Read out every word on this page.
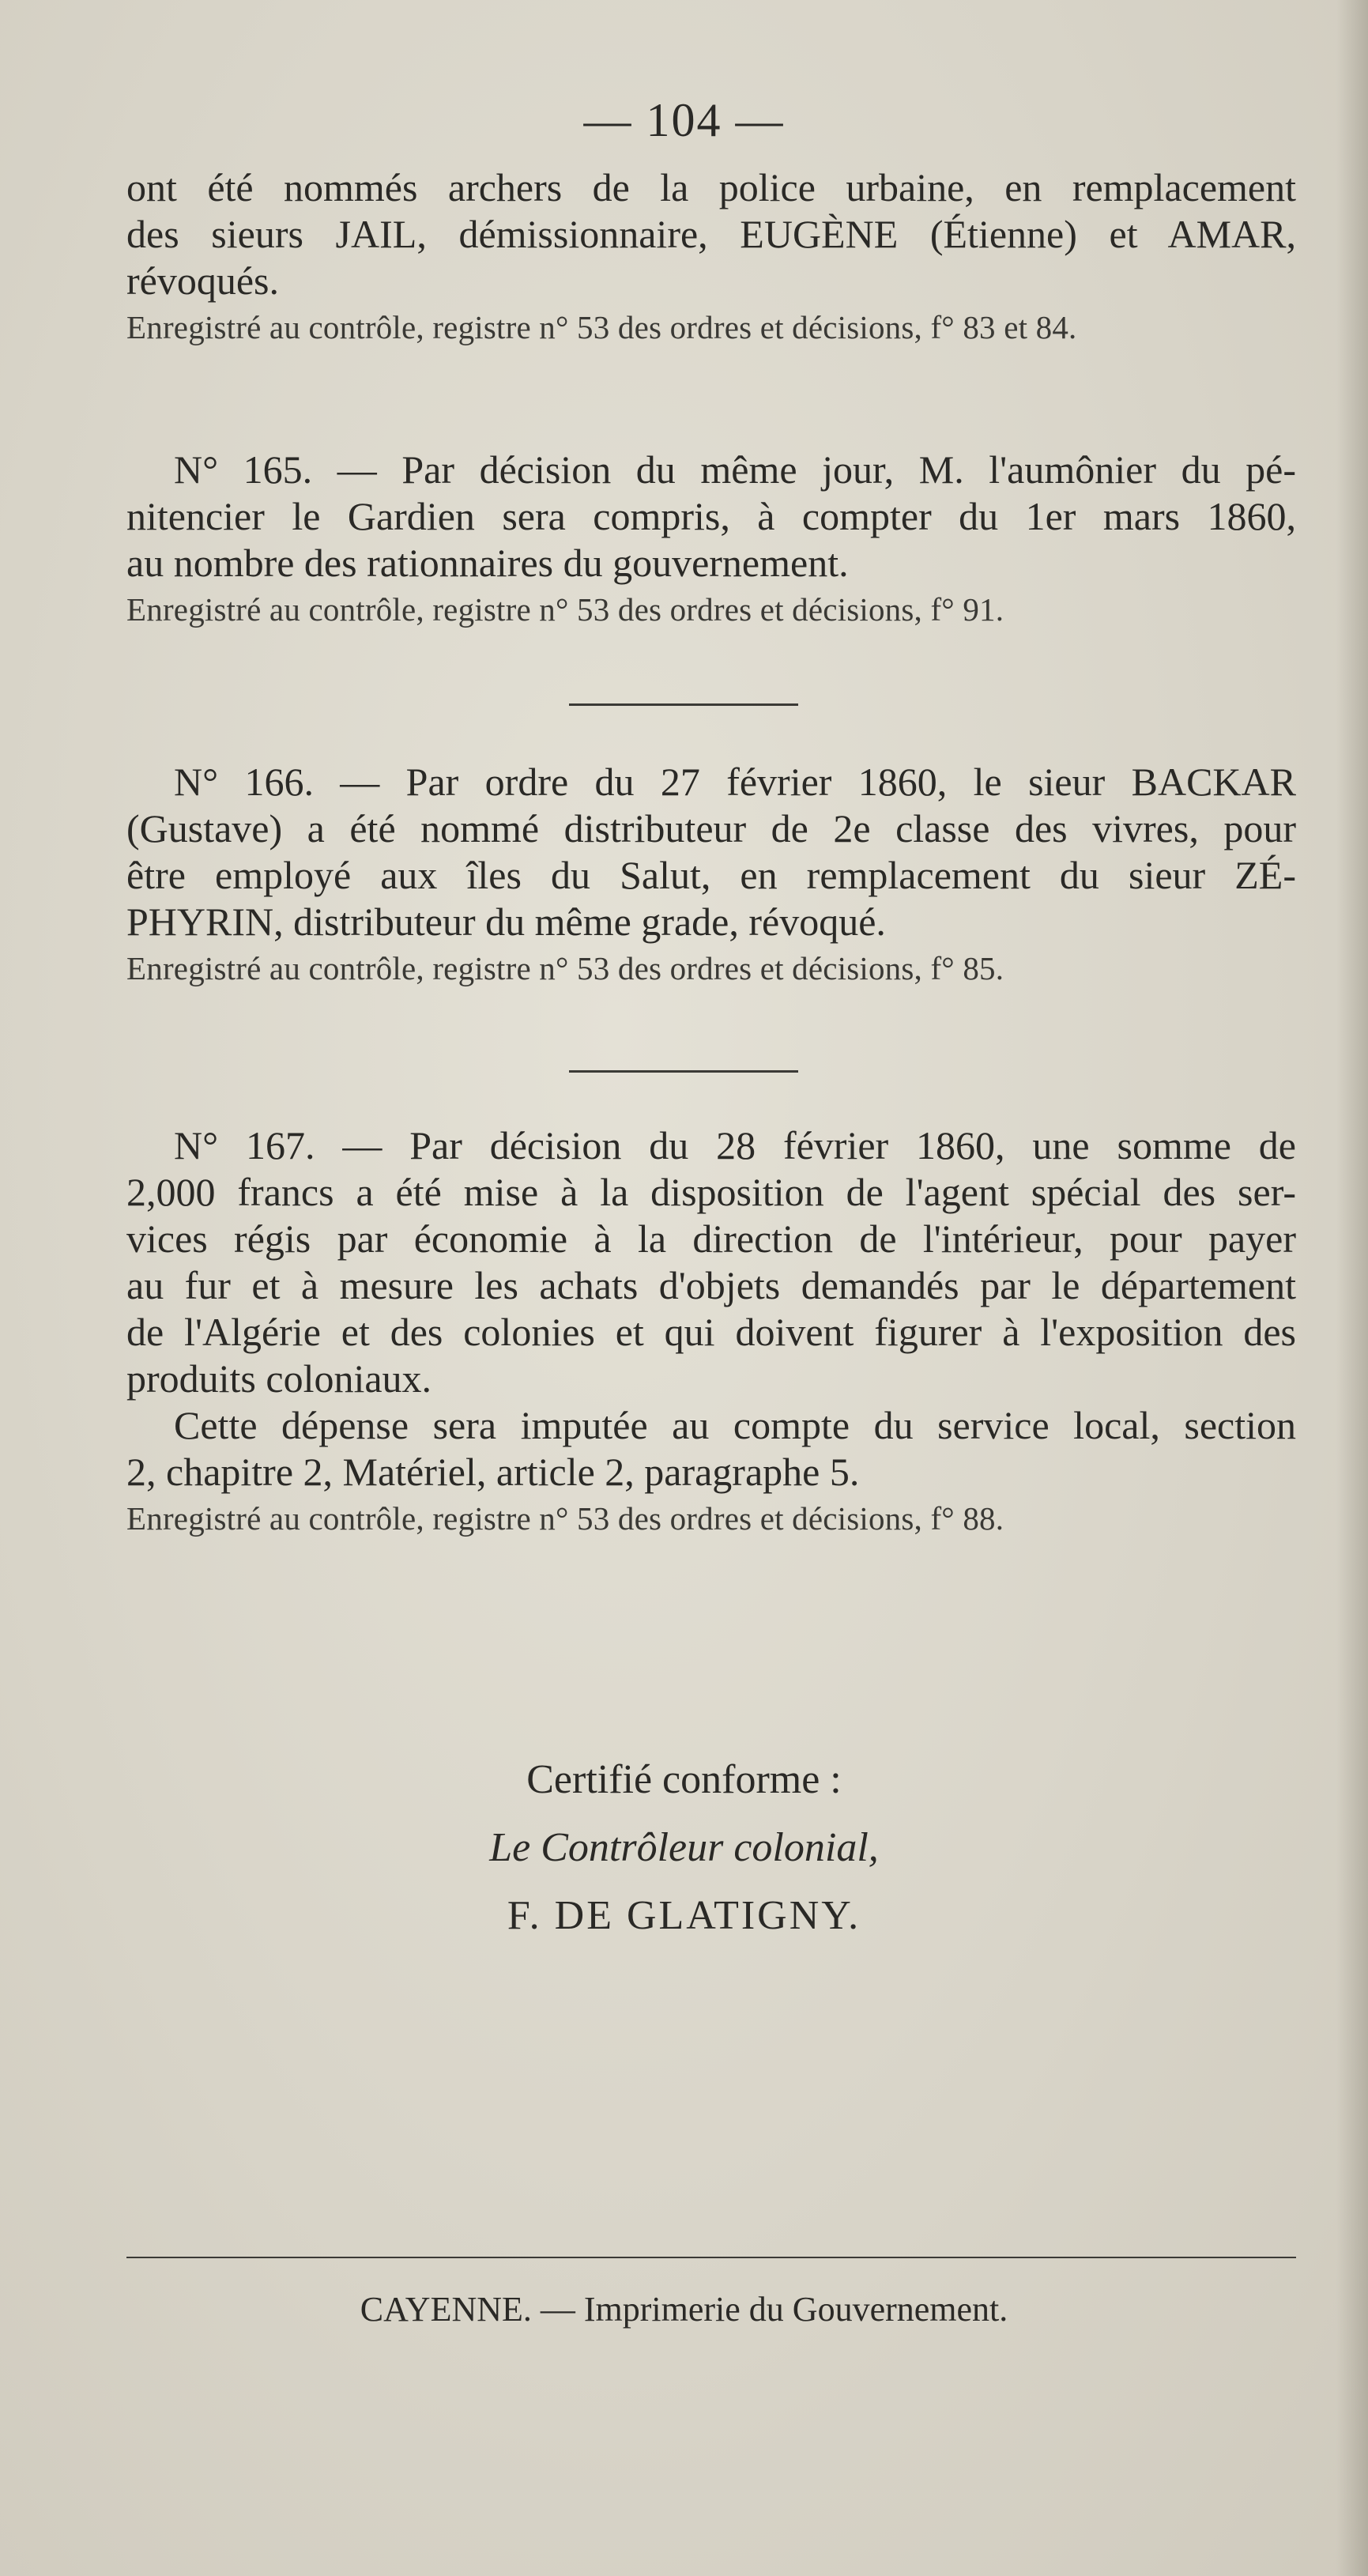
— 104 —
ont été nommés archers de la police urbaine, en remplacement
des sieurs JAIL, démissionnaire, EUGÈNE (Étienne) et AMAR,
révoqués.
Enregistré au contrôle, registre n° 53 des ordres et décisions, f° 83 et 84.
N° 165. — Par décision du même jour, M. l'aumônier du pé-
nitencier le Gardien sera compris, à compter du 1er mars 1860,
au nombre des rationnaires du gouvernement.
Enregistré au contrôle, registre n° 53 des ordres et décisions, f° 91.
N° 166. — Par ordre du 27 février 1860, le sieur BACKAR
(Gustave) a été nommé distributeur de 2e classe des vivres, pour
être employé aux îles du Salut, en remplacement du sieur ZÉ-
PHYRIN, distributeur du même grade, révoqué.
Enregistré au contrôle, registre n° 53 des ordres et décisions, f° 85.
N° 167. — Par décision du 28 février 1860, une somme de
2,000 francs a été mise à la disposition de l'agent spécial des ser-
vices régis par économie à la direction de l'intérieur, pour payer
au fur et à mesure les achats d'objets demandés par le département
de l'Algérie et des colonies et qui doivent figurer à l'exposition des
produits coloniaux.
Cette dépense sera imputée au compte du service local, section
2, chapitre 2, Matériel, article 2, paragraphe 5.
Enregistré au contrôle, registre n° 53 des ordres et décisions, f° 88.
Certifié conforme :
Le Contrôleur colonial,
F. DE GLATIGNY.
CAYENNE. — Imprimerie du Gouvernement.
